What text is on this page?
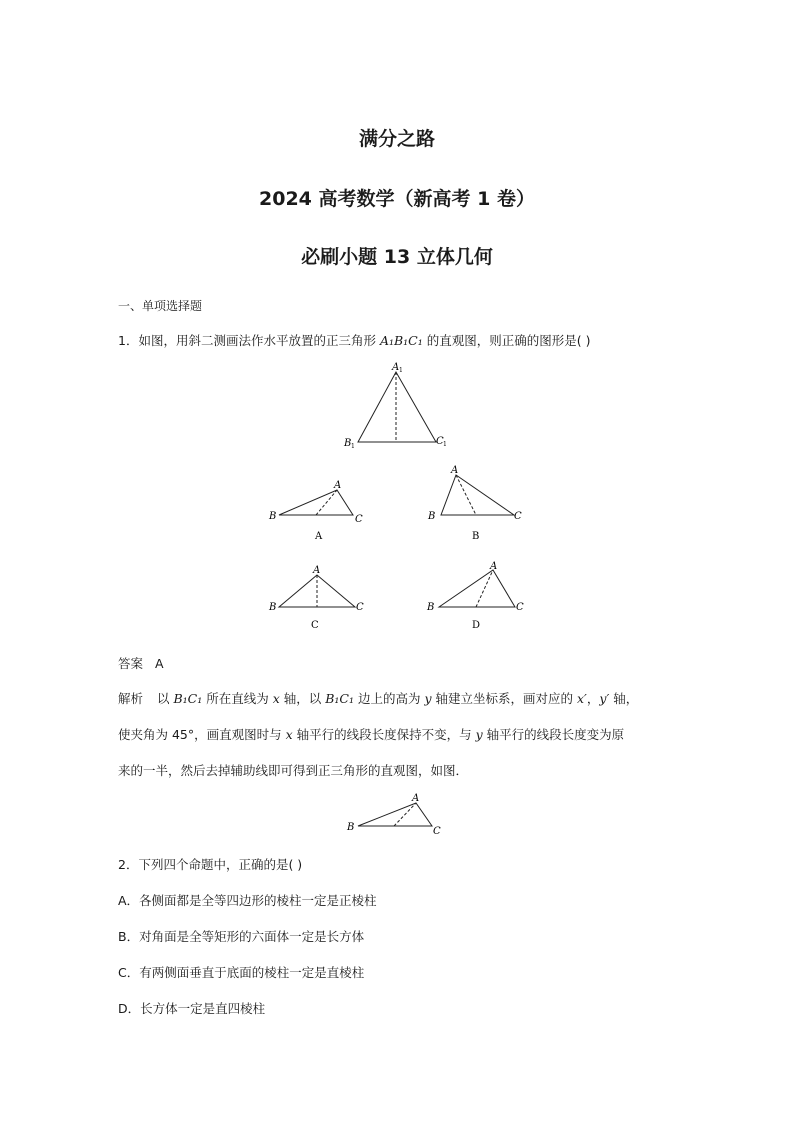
满分之路
2024 高考数学（新高考 1 卷）
必刷小题 13 立体几何
一、单项选择题
1．如图，用斜二测画法作水平放置的正三角形 A₁B₁C₁ 的直观图，则正确的图形是( )
A 1
B 1	C 1
A
B	C
A
A
B	C
B
A
B	C
C
A
B	C
D
答案 A
解析 以 B₁C₁ 所在直线为 x 轴，以 B₁C₁ 边上的高为 y 轴建立坐标系，画对应的 x′，y′ 轴，
使夹角为 45°，画直观图时与 x 轴平行的线段长度保持不变，与 y 轴平行的线段长度变为原
来的一半，然后去掉辅助线即可得到正三角形的直观图，如图．
A
B	C
2．下列四个命题中，正确的是( )
A．各侧面都是全等四边形的棱柱一定是正棱柱
B．对角面是全等矩形的六面体一定是长方体
C．有两侧面垂直于底面的棱柱一定是直棱柱
D．长方体一定是直四棱柱
